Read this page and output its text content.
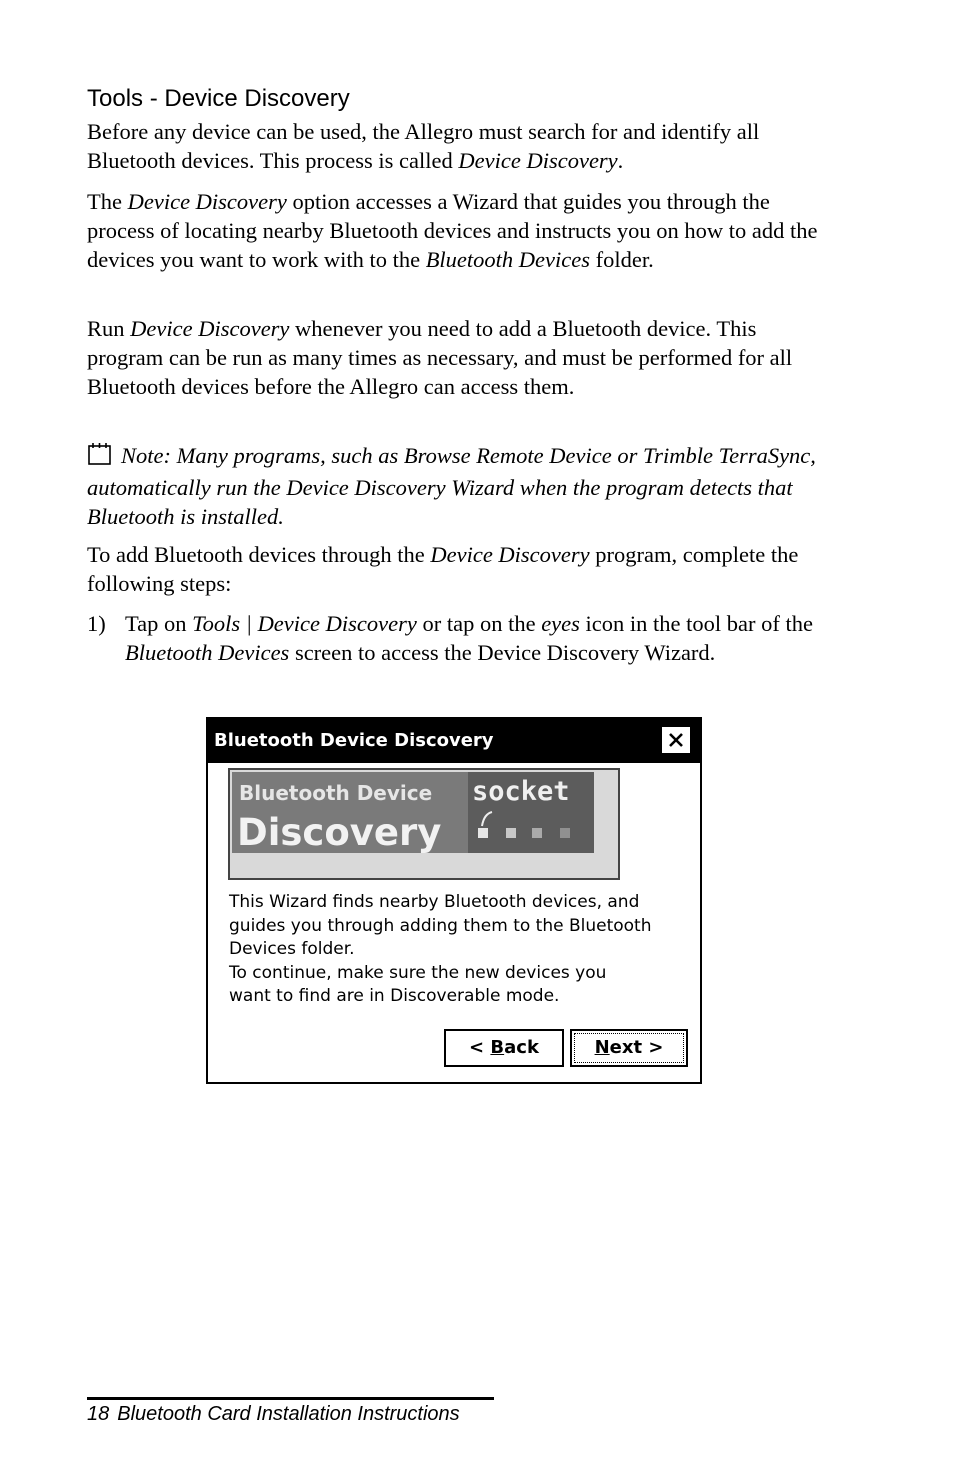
Tools - Device Discovery

Before any device can be used, the Allegro must search for and identify all Bluetooth devices. This process is called Device Discovery.

The Device Discovery option accesses a Wizard that guides you through the process of locating nearby Bluetooth devices and instructs you on how to add the devices you want to work with to the Bluetooth Devices folder.

Run Device Discovery whenever you need to add a Bluetooth device. This program can be run as many times as necessary, and must be performed for all Bluetooth devices before the Allegro can access them.

Note: Many programs, such as Browse Remote Device or Trimble TerraSync, automatically run the Device Discovery Wizard when the program detects that Bluetooth is installed.

To add Bluetooth devices through the Device Discovery program, complete the following steps:

1) Tap on Tools | Device Discovery or tap on the eyes icon in the tool bar of the Bluetooth Devices screen to access the Device Discovery Wizard.
Bluetooth Device Discovery
Bluetooth Device
Discovery
socket

This Wizard finds nearby Bluetooth devices, and
guides you through adding them to the Bluetooth
Devices folder.
To continue, make sure the new devices you
want to find are in Discoverable mode.

< Back	Next >
18 Bluetooth Card Installation Instructions
